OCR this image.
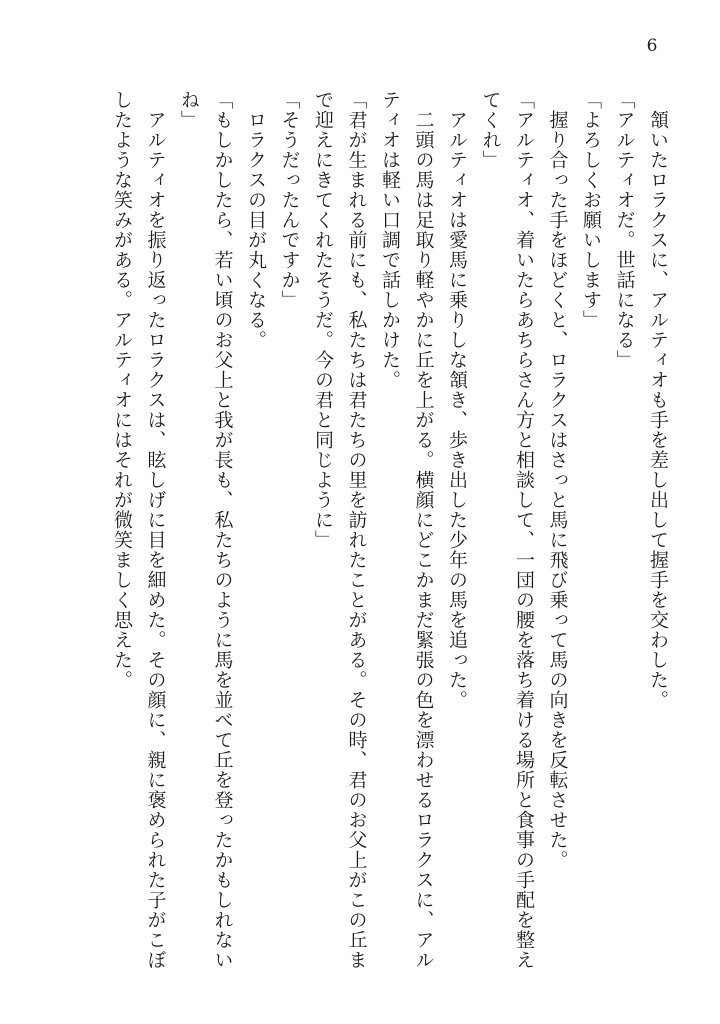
6
　頷いたロラクスに、アルティオも手を差し出して握手を交わした。
「アルティオだ。世話になる」
「よろしくお願いします」
　握り合った手をほどくと、ロラクスはさっと馬に飛び乗って馬の向きを反転させた。
「アルティオ、着いたらあちらさん方と相談して、一団の腰を落ち着ける場所と食事の手配を整え
てくれ」
　アルティオは愛馬に乗りしな頷き、歩き出した少年の馬を追った。
　二頭の馬は足取り軽やかに丘を上がる。横顔にどこかまだ緊張の色を漂わせるロラクスに、アル
ティオは軽い口調で話しかけた。
「君が生まれる前にも、私たちは君たちの里を訪れたことがある。その時、君のお父上がこの丘ま
で迎えにきてくれたそうだ。今の君と同じように」
「そうだったんですか」
　ロラクスの目が丸くなる。
「もしかしたら、若い頃のお父上と我が長も、私たちのように馬を並べて丘を登ったかもしれない
ね」
　アルティオを振り返ったロラクスは、眩しげに目を細めた。その顔に、親に褒められた子がこぼ
したような笑みがある。アルティオにはそれが微笑ましく思えた。
